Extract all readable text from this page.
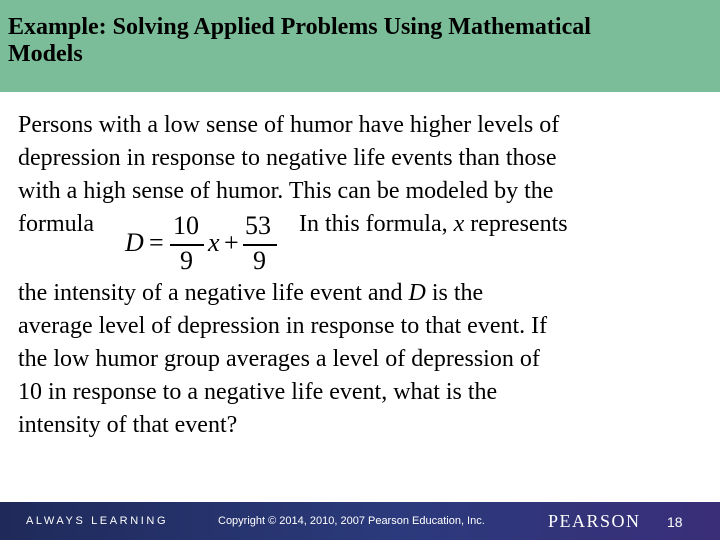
Example: Solving Applied Problems Using Mathematical
Models
Persons with a low sense of humor have higher levels of
depression in response to negative life events than those
with a high sense of humor. This can be modeled by the
formula	In this formula, x represents
D =
10
9
x +
53
9
the intensity of a negative life event and D is the
average level of depression in response to that event. If
the low humor group averages a level of depression of
10 in response to a negative life event, what is the
intensity of that event?
ALWAYS LEARNING	Copyright © 2014, 2010, 2007 Pearson Education, Inc.	PEARSON 18
